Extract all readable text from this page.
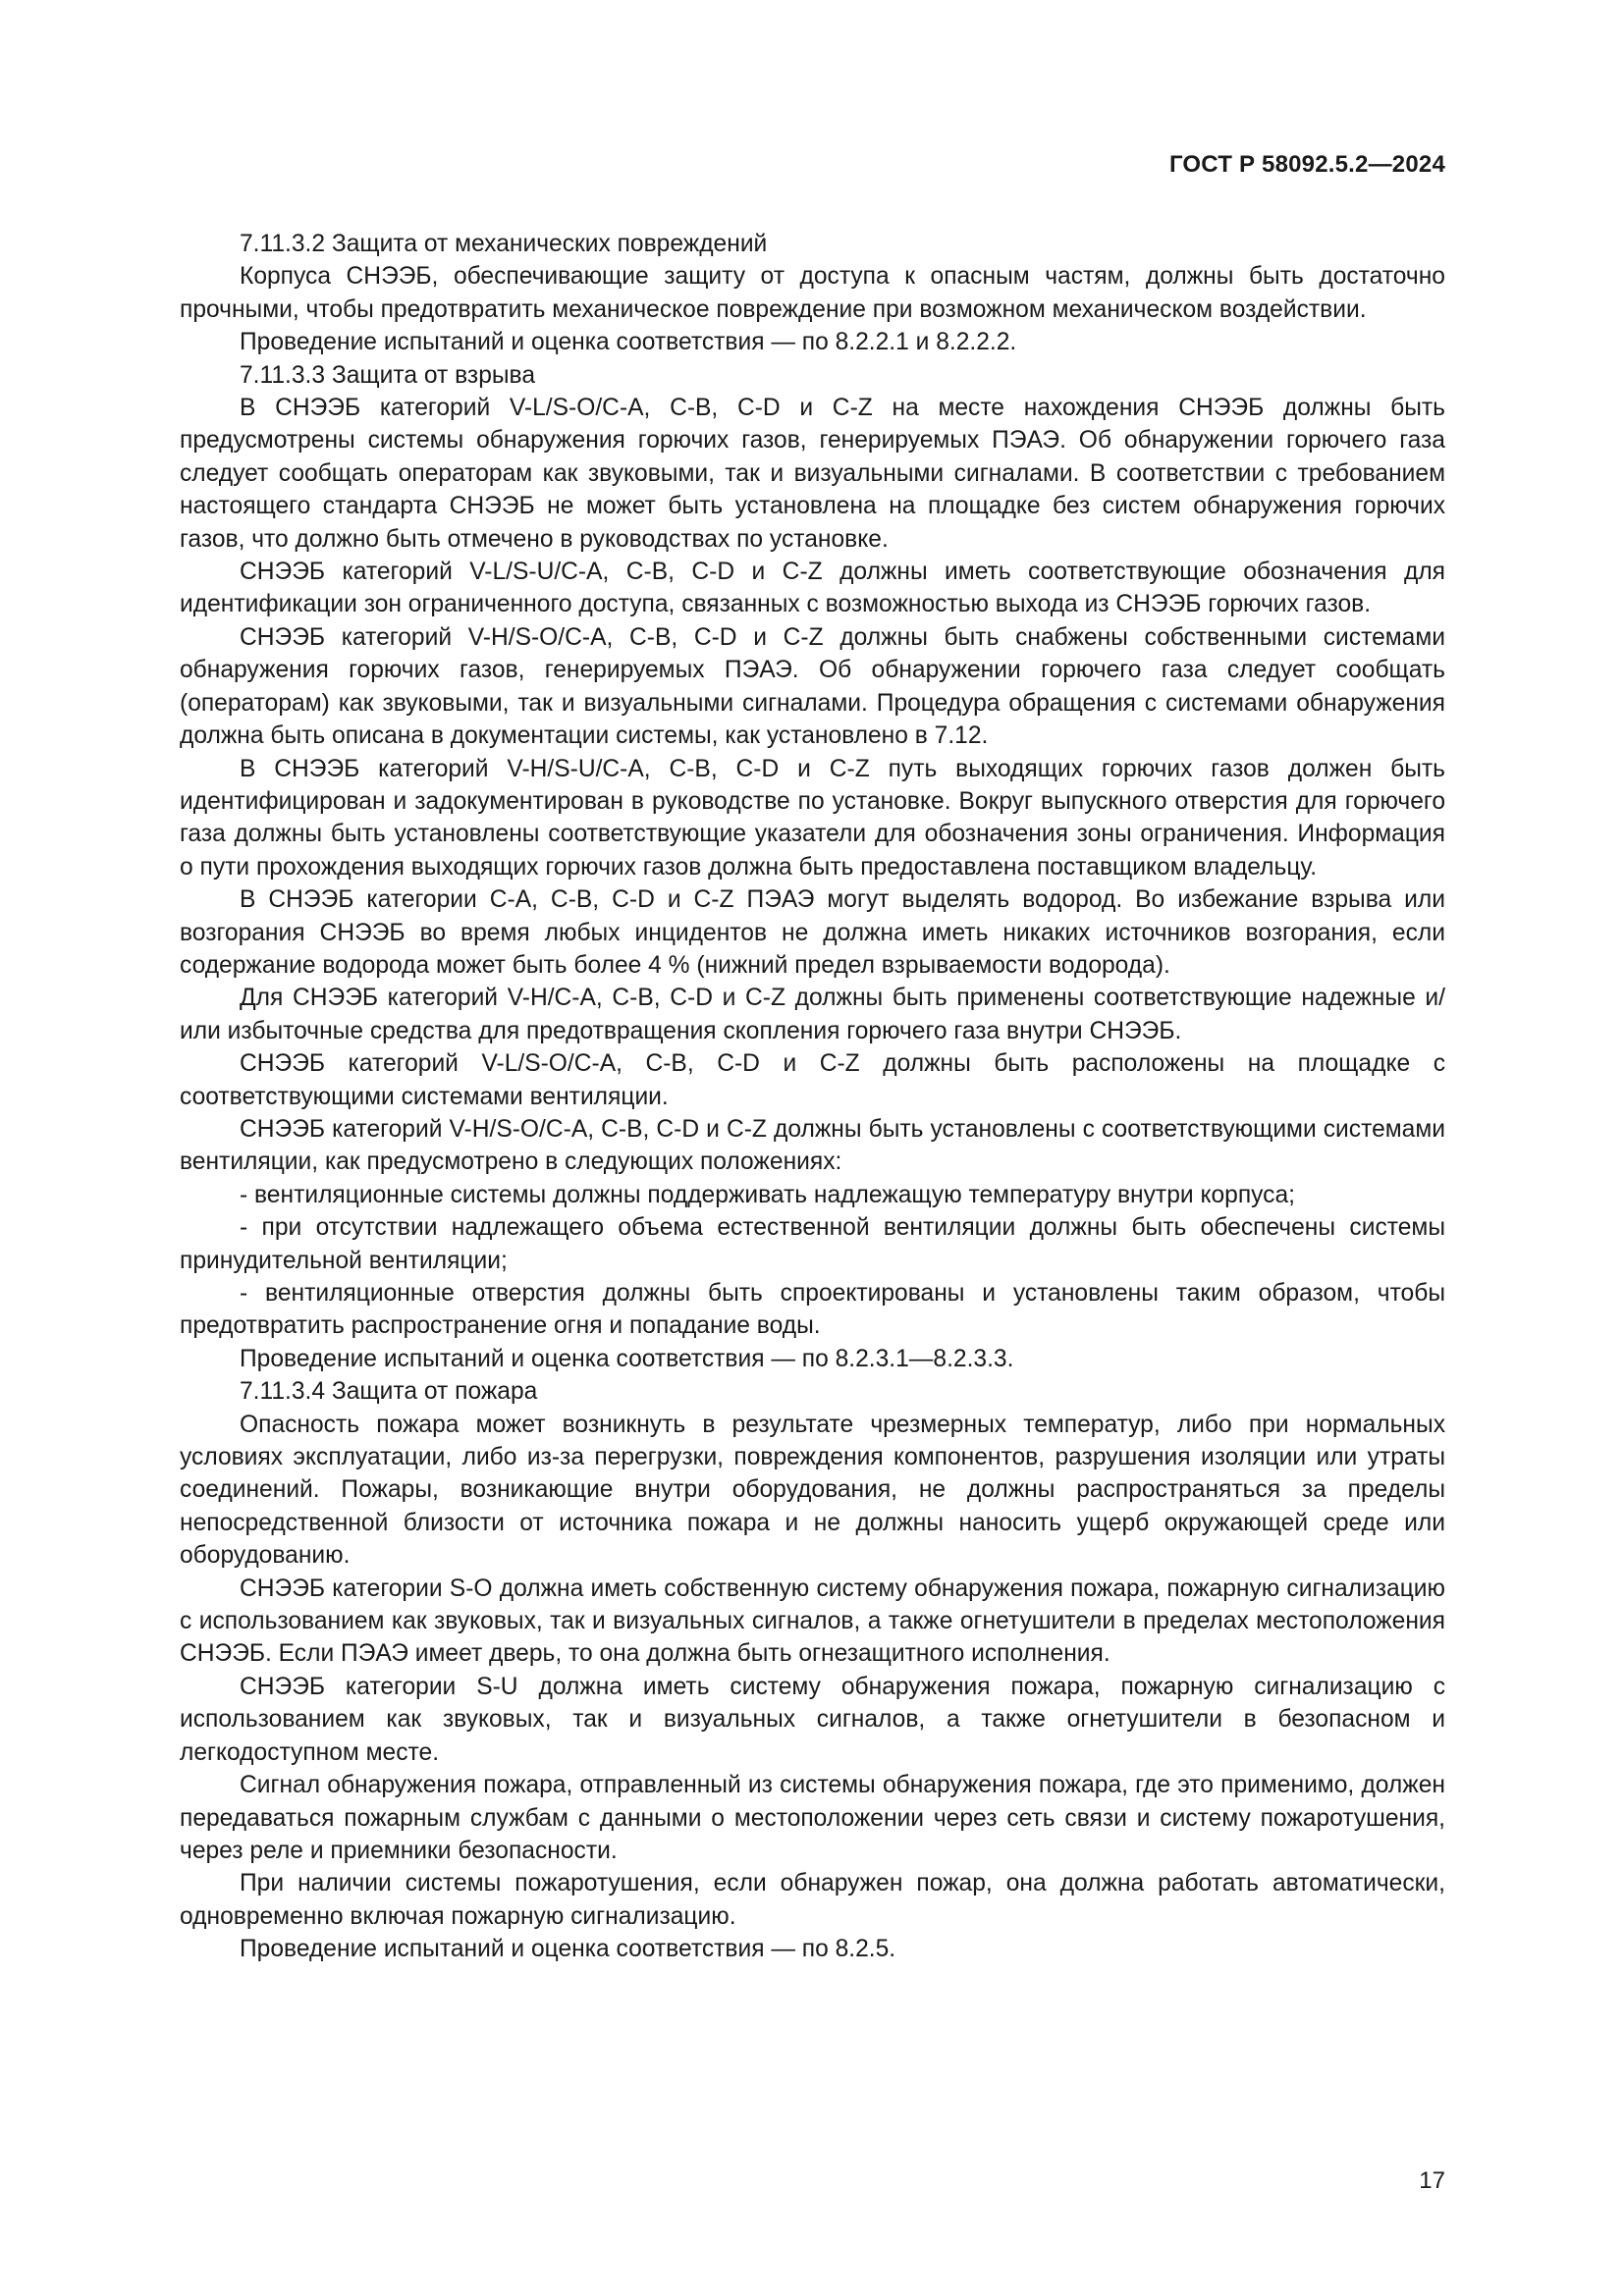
ГОСТ Р 58092.5.2—2024

7.11.3.2 Защита от механических повреждений

Корпуса СНЭЭБ, обеспечивающие защиту от доступа к опасным частям, должны быть достаточно прочными, чтобы предотвратить механическое повреждение при возможном механическом воздействии.

Проведение испытаний и оценка соответствия — по 8.2.2.1 и 8.2.2.2.

7.11.3.3 Защита от взрыва

В СНЭЭБ категорий V-L/S-O/C-A, C-B, C-D и C-Z на месте нахождения СНЭЭБ должны быть предусмотрены системы обнаружения горючих газов, генерируемых ПЭАЭ. Об обнаружении горючего газа следует сообщать операторам как звуковыми, так и визуальными сигналами. В соответствии с требованием настоящего стандарта СНЭЭБ не может быть установлена на площадке без систем обнаружения горючих газов, что должно быть отмечено в руководствах по установке.

СНЭЭБ категорий V-L/S-U/C-A, C-B, C-D и C-Z должны иметь соответствующие обозначения для идентификации зон ограниченного доступа, связанных с возможностью выхода из СНЭЭБ горючих газов.

СНЭЭБ категорий V-H/S-O/C-A, C-B, C-D и C-Z должны быть снабжены собственными системами обнаружения горючих газов, генерируемых ПЭАЭ. Об обнаружении горючего газа следует сообщать (операторам) как звуковыми, так и визуальными сигналами. Процедура обращения с системами обнаружения должна быть описана в документации системы, как установлено в 7.12.

В СНЭЭБ категорий V-H/S-U/C-A, C-B, C-D и C-Z путь выходящих горючих газов должен быть идентифицирован и задокументирован в руководстве по установке. Вокруг выпускного отверстия для горючего газа должны быть установлены соответствующие указатели для обозначения зоны ограничения. Информация о пути прохождения выходящих горючих газов должна быть предоставлена поставщиком владельцу.

В СНЭЭБ категории C-A, C-B, C-D и C-Z ПЭАЭ могут выделять водород. Во избежание взрыва или возгорания СНЭЭБ во время любых инцидентов не должна иметь никаких источников возгорания, если содержание водорода может быть более 4 % (нижний предел взрываемости водорода).

Для СНЭЭБ категорий V-H/C-A, C-B, C-D и C-Z должны быть применены соответствующие надежные и/или избыточные средства для предотвращения скопления горючего газа внутри СНЭЭБ.

СНЭЭБ категорий V-L/S-O/C-A, C-B, C-D и C-Z должны быть расположены на площадке с соответствующими системами вентиляции.

СНЭЭБ категорий V-H/S-O/C-A, C-B, C-D и C-Z должны быть установлены с соответствующими системами вентиляции, как предусмотрено в следующих положениях:

- вентиляционные системы должны поддерживать надлежащую температуру внутри корпуса;

- при отсутствии надлежащего объема естественной вентиляции должны быть обеспечены системы принудительной вентиляции;

- вентиляционные отверстия должны быть спроектированы и установлены таким образом, чтобы предотвратить распространение огня и попадание воды.

Проведение испытаний и оценка соответствия — по 8.2.3.1—8.2.3.3.

7.11.3.4 Защита от пожара

Опасность пожара может возникнуть в результате чрезмерных температур, либо при нормальных условиях эксплуатации, либо из-за перегрузки, повреждения компонентов, разрушения изоляции или утраты соединений. Пожары, возникающие внутри оборудования, не должны распространяться за пределы непосредственной близости от источника пожара и не должны наносить ущерб окружающей среде или оборудованию.

СНЭЭБ категории S-O должна иметь собственную систему обнаружения пожара, пожарную сигнализацию с использованием как звуковых, так и визуальных сигналов, а также огнетушители в пределах местоположения СНЭЭБ. Если ПЭАЭ имеет дверь, то она должна быть огнезащитного исполнения.

СНЭЭБ категории S-U должна иметь систему обнаружения пожара, пожарную сигнализацию с использованием как звуковых, так и визуальных сигналов, а также огнетушители в безопасном и легкодоступном месте.

Сигнал обнаружения пожара, отправленный из системы обнаружения пожара, где это применимо, должен передаваться пожарным службам с данными о местоположении через сеть связи и систему пожаротушения, через реле и приемники безопасности.

При наличии системы пожаротушения, если обнаружен пожар, она должна работать автоматически, одновременно включая пожарную сигнализацию.

Проведение испытаний и оценка соответствия — по 8.2.5.

17
